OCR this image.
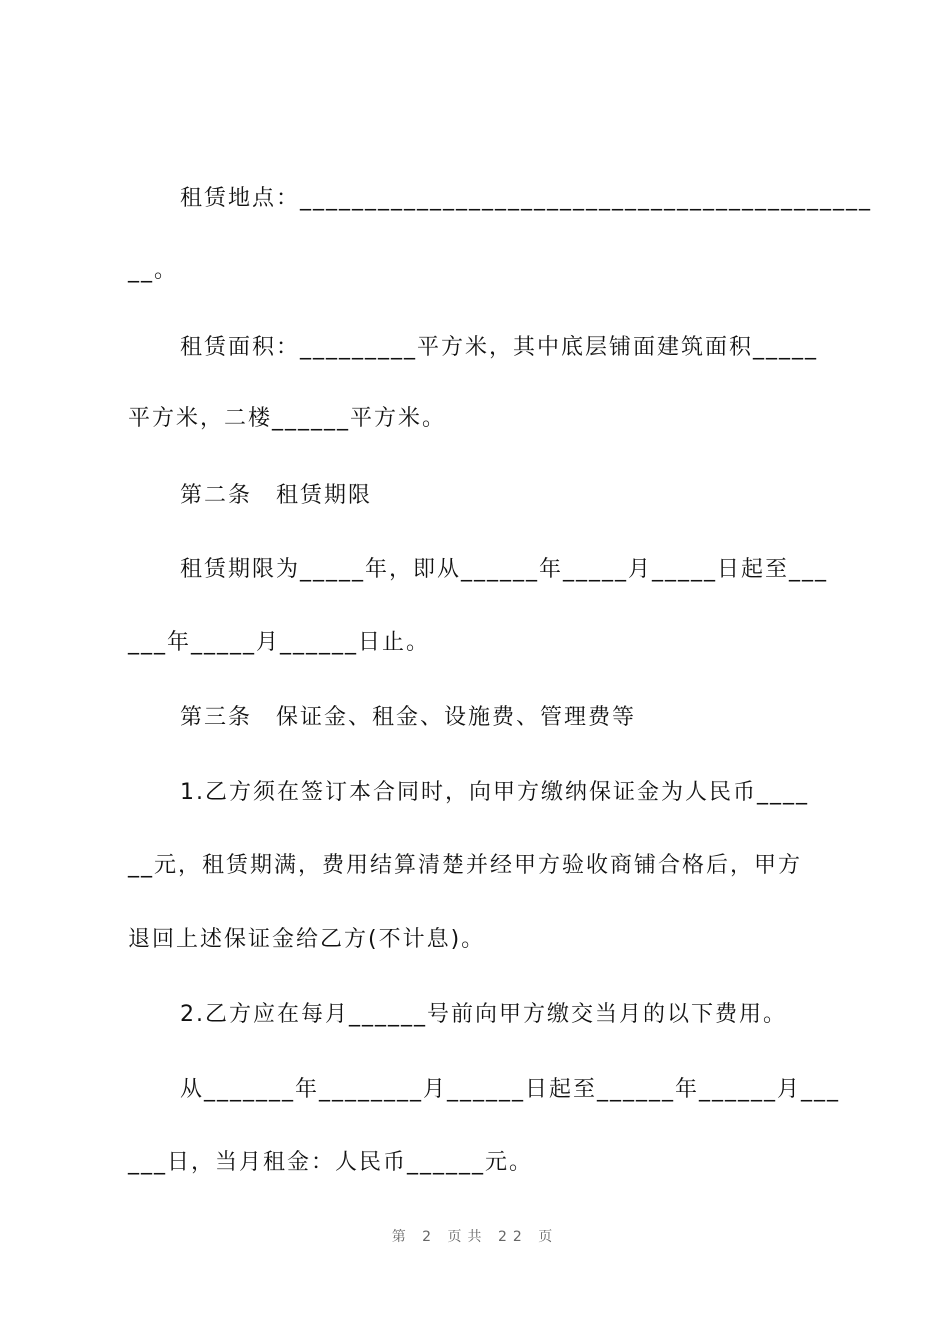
租赁地点：____________________________________________
__。
租赁面积：_________平方米，其中底层铺面建筑面积_____
平方米，二楼______平方米。
第二条　租赁期限
租赁期限为_____年，即从______年_____月_____日起至___
___年_____月______日止。
第三条　保证金、租金、设施费、管理费等
1.乙方须在签订本合同时，向甲方缴纳保证金为人民币____
__元，租赁期满，费用结算清楚并经甲方验收商铺合格后，甲方
退回上述保证金给乙方(不计息)。
2.乙方应在每月______号前向甲方缴交当月的以下费用。
从_______年________月______日起至______年______月___
___日，当月租金：人民币______元。
第 2 页共 22 页
